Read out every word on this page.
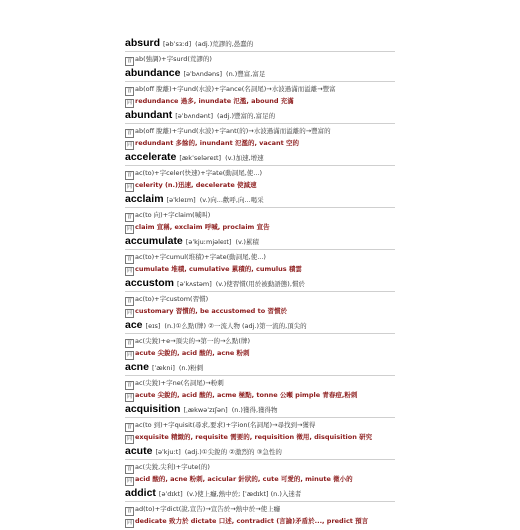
absurd [əbˈsɜːd] (adj.)荒謬的,愚蠢的
首 ab(強調)+字surd(荒謬的)
abundance [əˈbʌndəns] (n.)豐富,富足
首 ab(off 脫離)+字und(水波)+字ance(名詞尾)→水波過滿而溢離→豐富
同 redundance 過多, inundate 氾濫, abound 充滿
abundant [əˈbʌndənt] (adj.)豐富的,富足的
首 ab(off 脫離)+字und(水波)+字ant(的)→水波過滿而溢離的→豐富的
同 redundant 多餘的, inundant 氾濫的, vacant 空的
accelerate [ækˈseləreɪt] (v.)加速,增速
首 ac(to)+字celer(快速)+字ate(動詞尾,使...)
同 celerity (n.)迅速, decelerate 使減速
acclaim [əˈkleɪm] (v.)向...歡呼,向...喝采
首 ac(to 向)+字claim(喊叫)
同 claim 宣稱, exclaim 呼喊, proclaim 宣告
accumulate [əˈkjuːmjəleɪt] (v.)累積
首 ac(to)+字cumul(堆積)+字ate(動詞尾,使...)
同 cumulate 堆積, cumulative 累積的, cumulus 積雲
accustom [əˈkʌstəm] (v.)使習慣(用於被動語態),慣於
首 ac(to)+字custom(習慣)
同 customary 習慣的, be accustomed to 習慣於
ace [eɪs] (n.)①么點(牌) ②一流人物 (adj.)第一流的,頂尖的
首 ac(尖銳)+e→頂尖的→第一的→么點(牌)
同 acute 尖銳的, acid 酸的, acne 粉刺
acne [ˈækni] (n.)粉刺
首 ac(尖銳)+字ne(名詞尾)→粉刺
同 acute 尖銳的, acid 酸的, acme 極點, tonne 公噸 pimple 青春痘,粉刺
acquisition [ˌækwəˈzɪʃən] (n.)獲得,獲得物
首 ac(to 到)+字quisit(尋求,要求)+字ion(名詞尾)→尋找到→獲得
同 exquisite 精緻的, requisite 需要的, requisition 徵用, disquisition 研究
acute [əˈkjuːt] (adj.)①尖銳的 ②激烈的 ③急性的
首 ac(尖銳,尖利)+字ute(的)
同 acid 酸的, acne 粉刺, acicular 針狀的, cute 可愛的, minute 微小的
addict [əˈdɪkt] (v.)使上癮,熱中於; [ˈædɪkt] (n.)入迷者
首 ad(to)+字dict(說,宣告)→宣告於→熱中於→使上癮
同 dedicate 致力於 dictate 口述, contradict (言論)矛盾於..., predict 預言
